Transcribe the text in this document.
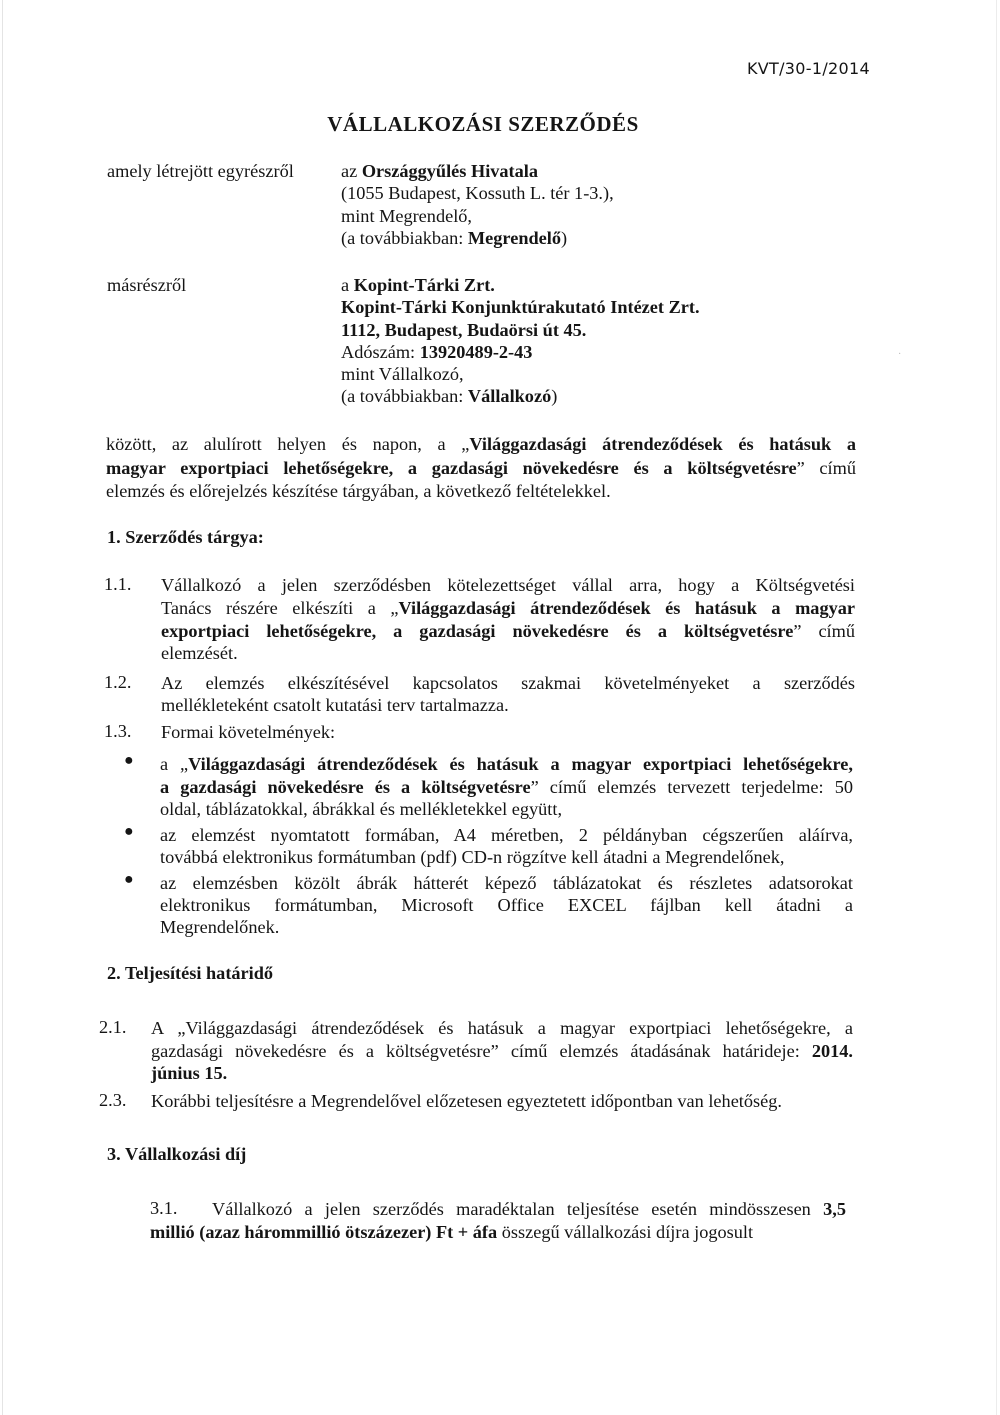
KVT/30-1/2014
VÁLLALKOZÁSI SZERZŐDÉS
amely létrejött egyrészről	az Országgyűlés Hivatala
(1055 Budapest, Kossuth L. tér 1-3.),
mint Megrendelő,
(a továbbiakban: Megrendelő)
másrészről	a Kopint-Tárki Zrt.
Kopint-Tárki Konjunktúrakutató Intézet Zrt.
1112, Budapest, Budaörsi út 45.
Adószám: 13920489-2-43
mint Vállalkozó,
(a továbbiakban: Vállalkozó)
·
között, az alulírott helyen és napon, a „Világgazdasági átrendeződések és hatásuk a
magyar exportpiaci lehetőségekre, a gazdasági növekedésre és a költségvetésre” című
elemzés és előrejelzés készítése tárgyában, a következő feltételekkel.
1. Szerződés tárgya:
1.1. Vállalkozó a jelen szerződésben kötelezettséget vállal arra, hogy a Költségvetési
Tanács részére elkészíti a „Világgazdasági átrendeződések és hatásuk a magyar
exportpiaci lehetőségekre, a gazdasági növekedésre és a költségvetésre” című
elemzését.
1.2. Az elemzés elkészítésével kapcsolatos szakmai követelményeket a szerződés
mellékleteként csatolt kutatási terv tartalmazza.
1.3. Formai követelmények:
● a „Világgazdasági átrendeződések és hatásuk a magyar exportpiaci lehetőségekre,
a gazdasági növekedésre és a költségvetésre” című elemzés tervezett terjedelme: 50
oldal, táblázatokkal, ábrákkal és mellékletekkel együtt,
● az elemzést nyomtatott formában, A4 méretben, 2 példányban cégszerűen aláírva,
továbbá elektronikus formátumban (pdf) CD-n rögzítve kell átadni a Megrendelőnek,
● az elemzésben közölt ábrák hátterét képező táblázatokat és részletes adatsorokat
elektronikus formátumban, Microsoft Office EXCEL fájlban kell átadni a
Megrendelőnek.
2. Teljesítési határidő
2.1. A „Világgazdasági átrendeződések és hatásuk a magyar exportpiaci lehetőségekre, a
gazdasági növekedésre és a költségvetésre” című elemzés átadásának határideje: 2014.
június 15.
2.3. Korábbi teljesítésre a Megrendelővel előzetesen egyeztetett időpontban van lehetőség.
3. Vállalkozási díj
3.1.	Vállalkozó a jelen szerződés maradéktalan teljesítése esetén mindösszesen 3,5
millió (azaz hárommillió ötszázezer) Ft + áfa összegű vállalkozási díjra jogosult
